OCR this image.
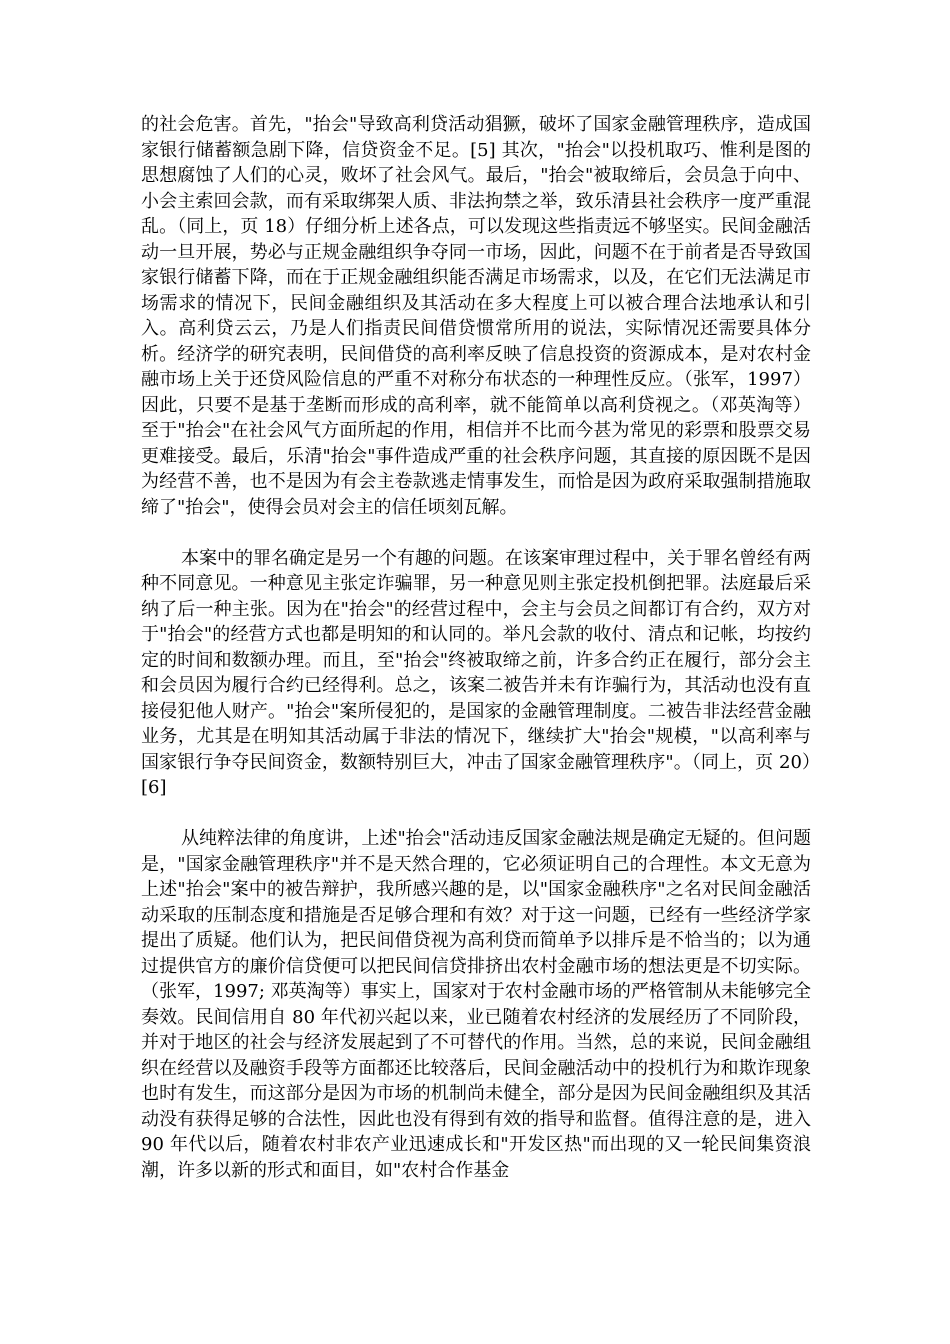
的社会危害。首先，"抬会"导致高利贷活动猖獗，破坏了国家金融管理秩序，造成国家银行储蓄额急剧下降，信贷资金不足。[5] 其次，"抬会"以投机取巧、惟利是图的思想腐蚀了人们的心灵，败坏了社会风气。最后，"抬会"被取缔后，会员急于向中、小会主索回会款，而有采取绑架人质、非法拘禁之举，致乐清县社会秩序一度严重混乱。（同上，页 18）仔细分析上述各点，可以发现这些指责远不够坚实。民间金融活动一旦开展，势必与正规金融组织争夺同一市场，因此，问题不在于前者是否导致国家银行储蓄下降，而在于正规金融组织能否满足市场需求，以及，在它们无法满足市场需求的情况下，民间金融组织及其活动在多大程度上可以被合理合法地承认和引入。高利贷云云，乃是人们指责民间借贷惯常所用的说法，实际情况还需要具体分析。经济学的研究表明，民间借贷的高利率反映了信息投资的资源成本，是对农村金融市场上关于还贷风险信息的严重不对称分布状态的一种理性反应。（张军，1997）因此，只要不是基于垄断而形成的高利率，就不能简单以高利贷视之。（邓英淘等）至于"抬会"在社会风气方面所起的作用，相信并不比而今甚为常见的彩票和股票交易更难接受。最后，乐清"抬会"事件造成严重的社会秩序问题，其直接的原因既不是因为经营不善，也不是因为有会主卷款逃走情事发生，而恰是因为政府采取强制措施取缔了"抬会"，使得会员对会主的信任顷刻瓦解。

本案中的罪名确定是另一个有趣的问题。在该案审理过程中，关于罪名曾经有两种不同意见。一种意见主张定诈骗罪，另一种意见则主张定投机倒把罪。法庭最后采纳了后一种主张。因为在"抬会"的经营过程中，会主与会员之间都订有合约，双方对于"抬会"的经营方式也都是明知的和认同的。举凡会款的收付、清点和记帐，均按约定的时间和数额办理。而且，至"抬会"终被取缔之前，许多合约正在履行，部分会主和会员因为履行合约已经得利。总之，该案二被告并未有诈骗行为，其活动也没有直接侵犯他人财产。"抬会"案所侵犯的，是国家的金融管理制度。二被告非法经营金融业务，尤其是在明知其活动属于非法的情况下，继续扩大"抬会"规模，"以高利率与国家银行争夺民间资金，数额特别巨大，冲击了国家金融管理秩序"。（同上，页 20）[6]

从纯粹法律的角度讲，上述"抬会"活动违反国家金融法规是确定无疑的。但问题是，"国家金融管理秩序"并不是天然合理的，它必须证明自己的合理性。本文无意为上述"抬会"案中的被告辩护，我所感兴趣的是，以"国家金融秩序"之名对民间金融活动采取的压制态度和措施是否足够合理和有效？对于这一问题，已经有一些经济学家提出了质疑。他们认为，把民间借贷视为高利贷而简单予以排斥是不恰当的；以为通过提供官方的廉价信贷便可以把民间信贷排挤出农村金融市场的想法更是不切实际。（张军，1997; 邓英淘等）事实上，国家对于农村金融市场的严格管制从未能够完全奏效。民间信用自 80 年代初兴起以来，业已随着农村经济的发展经历了不同阶段，并对于地区的社会与经济发展起到了不可替代的作用。当然，总的来说，民间金融组织在经营以及融资手段等方面都还比较落后，民间金融活动中的投机行为和欺诈现象也时有发生，而这部分是因为市场的机制尚未健全，部分是因为民间金融组织及其活动没有获得足够的合法性，因此也没有得到有效的指导和监督。值得注意的是，进入 90 年代以后，随着农村非农产业迅速成长和"开发区热"而出现的又一轮民间集资浪潮，许多以新的形式和面目，如"农村合作基金
